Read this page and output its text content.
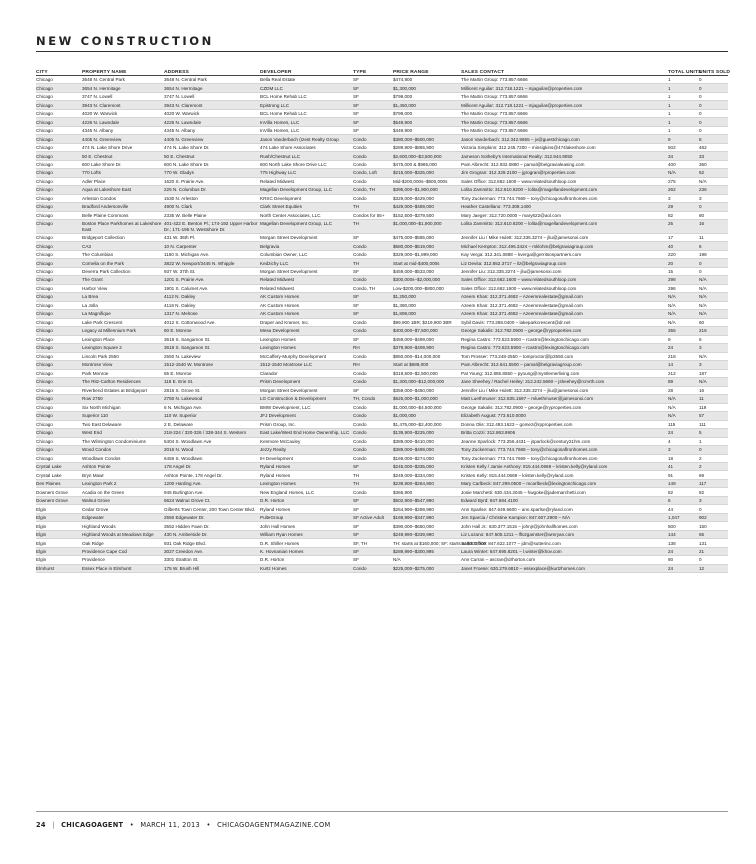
NEW CONSTRUCTION
CITY	PROPERTY NAME	ADDRESS	DEVELOPER	TYPE	PRICE RANGE	SALES CONTACT	TOTAL UNITS	UNITS SOLD
Chicago	3648 N. Central Park	3648 N. Central Park	Bella Real Estate	SF	$474,900	The Martin Group: 773.857.6666	1	0
Chicago	3654 N. Hermitage	3654 N. Hermitage	CZDM LLC	SF	$1,300,000	Millicent Aguilar: 312.718.1221 – mjaguilar@properties.com	1	0
Chicago	3747 N. Lowell	3747 N. Lowell	BCL Home Rehab LLC	SF	$799,000	The Martin Group: 773.857.6666	1	0
Chicago	3943 N. Claremont	3943 N. Claremont	Epistrong LLC	SF	$1,450,000	Millicent Aguilar: 312.718.1221 – mjaguilar@properties.com	1	0
Chicago	4020 W. Warwick	4020 W. Warwick	BCL Home Rehab LLC	SF	$799,000	The Martin Group: 773.857.6666	1	0
Chicago	4226 N. Lawndale	4226 N. Lawndale	InVilla Homes, LLC	SF	$549,900	The Martin Group: 773.857.6666	1	0
Chicago	4345 N. Albany	4345 N. Albany	InVilla Homes, LLC	SF	$449,900	The Martin Group: 773.857.6666	1	0
Chicago	4405 N. Greenview	4405 N. Greenview	Jason Vanderbach (Izest Realty Group	Condo	$380,000–$500,000	Jason Vanderbach: 312.342.9655 – jv@guestchicago.com	9	8
Chicago	474 N. Lake Shore Drive	474 N. Lake Shore Dr.	474 Lake Shore Associates	Condo	$289,900–$865,900	Victoria Simpkins: 312.245.7200 – minsigkins@474lakeshore.com	502	482
Chicago	50 E. Chestnut	50 E. Chestnut	Rush/Chestnut LLC	Condo	$2,600,000–$3,500,000	Jameson Sotheby's International Realty: 312.944.9050	34	33
Chicago	600 Lake Shore Dr.	600 N. Lake Shore Dr.	600 North Lake Shore Drive LLC	Condo	$475,000 & $985,000	Pam Albrecht: 312.932.0880 – pamal@belgravialeasing.com	400	360
Chicago	770 Lofts	770 W. Gladys	775 Highway LLC	Condo, Loft	$215,000–$325,000	Jim Grogran: 312.329.2100 – jgrogran@rproperties.com	N/A	62
Chicago	Adler Place	1620 S. Prairie Ave.	Related Midwest	Condo	Mid-$200,000s–$600,000s	Sales Office: 312.662.1600 – www.relatedsouthloop.com	275	N/A
Chicago	Aqua at Lakeshore East	225 N. Columbus Dr.	Magellan Development Group, LLC	Condo, TH	$395,000–$1,900,000	Lolita Zammitto: 312.610.8200 – lolita@magellandevelopment.com	262	236
Chicago	Arleston Condos	1530 N. Arleston	KRSC Development	Condo	$329,000–$429,000	Tony Zuckerman: 773.744.7669 – tony@chicagosaflronhomes.com	3	3
Chicago	Bradford Andersonville	4900 N. Clark	Clark Street Equities	TH	$429,000–$489,000	Heather Castellano: 773.308.1400	29	0
Chicago	Belle Plaine Commons	2335 W. Belle Plaine	North Center Associates, LLC	Condos for 55+	$152,500–$379,500	Mary Jaeger: 312.720.0000 – mary622@aol.com	82	80
Chicago	Boston Place Parkhomes at Lakeshore East	401-422 E. Benton Pl.; 174-192 Upper Harbor Dr.; 171-195 N. Westshore Dr.	Magellan Development Group, LLC	TH	$1,000,000–$1,900,000	Lolita Zammitto: 312.610.8200 – lolita@magellandevelopment.com	25	16
Chicago	Bridgeport Collection	431 W. 36th Pl.	Morgan Street Development	SF	$475,000–$585,000	Jennifer Liu / Mike Hulett: 312.335.3274 – jliu@jamesonxi.com	17	11
Chicago	CA3	10 N. Carpenter	Belgravia	Condo	$580,000–$619,000	Michael Kempton: 312.496.3424 – mklohm@belgraviagroup.com	40	6
Chicago	The Columbian	1160 S. Michigan Ave.	Columbian Owner, LLC	Condo	$329,000–$1,899,000	Kay Verga: 312.341.0888 – kverga@gerritsonpartners.com	220	198
Chicago	Cornelia on the Park	3822 W. Newport/3445 N. Whipple	Kedzichy LLC	TH	Start at mid-$400,000s	Liz Devita: 312.852.3717 – liz@belgraviagroup.com	20	0
Chicago	Deverra Park Collection	937 W. 37th St.	Morgan Street Development	SF	$459,000–$533,000	Jennifer Liu: 312.335.3274 – jliu@jamesonxi.com	15	0
Chicago	The Grant	1201 S. Prairie Ave.	Related Midwest	Condo	$300,000s–$2,000,000	Sales Office: 312.662.1600 – www.relatedsouthloop.com	298	N/A
Chicago	Harbor View	1901 S. Calumet Ave.	Related Midwest	Condo, TH	Low-$200,000–$800,000	Sales Office: 312.662.1600 – www.relatedsouthloop.com	296	N/A
Chicago	La Brea	4112 N. Oakley	AK Custom Homes	SF	$1,250,000	Azeem Khan: 312.371.4682 – Azeemrealestate@gmail.com	N/A	N/A
Chicago	La Jolla	4118 N. Oakley	AK Custom Homes	SF	$1,380,000	Azeem Khan: 312.371.4682 – Azeemrealestate@gmail.com	N/A	N/A
Chicago	La Magnifique	1317 N. Melrose	AK Custom Homes	SF	$1,899,000	Azeem Khan: 312.371.4682 – Azeemrealestate@gmail.com	N/A	N/A
Chicago	Lake Park Crescent	4012 S. Cottonwood Ave.	Draper and Kramer, Inc.	Condo	$99,900 1BR; $219,900 3BR	Sybil Davis: 773.268.0400 – lakeparkcrescent@dr.net	N/A	60
Chicago	Legacy at Millennium Park	60 E. Monroe	Mesa Development	Condo	$400,000–$7,500,000	George Sakalis: 312.782.0900 – george@ryproperties.com	355	216
Chicago	Lexington Place	3618 S. Sangamon St.	Lexington Homes	SF	$459,000–$499,000	Regina Castro: 773.523.5900 – rcastro@lexingtonchicago.com	9	6
Chicago	Lexington Square 2	3618 S. Sangamon St.	Lexington Homes	RH	$379,900–$409,900	Regina Castro: 773.523.5900 – rcastro@lexingtonchicago.com	24	3
Chicago	Lincoln Park 2550	2550 N. Lakeview	McCaffery-Murphy Development	Condo	$850,000–$14,000,000	Tom Prosser: 773.248-2550 – tomproctor@lp2550.com	218	N/A
Chicago	Montrose View	1512-1540 W. Montrose	1512-1540 Montrose LLC	RH	Start at $689,000	Pam Albrecht: 312.641.5500 – pamal@belgraviagroup.com	14	3
Chicago	Park Monroe	65 E. Monroe	Clarador	Condo	$319,500–$2,500,000	Pat Young: 312.855.8550 – pyoung@myntlemerliving.com	212	187
Chicago	The Ritz-Carlton Residences	118 E. Erie St.	Prism Development	Condo	$1,300,000–$12,000,000	Jane Sheehey / Rachel Heiley: 312.242.5660 – jsheehey@rcmrth.com	89	N/A
Chicago	Riverbend Estates at Bridgeport	2816 S. Grove St.	Morgan Street Development	SF	$359,000–$450,000	Jennifer Liu / Mike Hulett: 312.335.3274 – jliu@jamesonxi.com	28	16
Chicago	Row 2750	2750 N. Lakewood	LG Construction & Development	TH, Condo	$625,000–$1,000,000	Matt Luethmuser: 312.835.1597 – mluethmuser@jamesonxi.com	N/A	11
Chicago	Six North Michigan	6 N. Michigan Ave.	BMW Development, LLC	Condo	$1,000,000–$4,500,000	George Sakalis: 312.782.0900 – george@ryproperties.com	N/A	119
Chicago	Superior 110	110 W. Superior	JFJ Development	Condo	$1,000,000	Elizabeth August: 773.610.0000	N/A	57
Chicago	Two East Delaware	2 E. Delaware	Prism Group, Inc.	Condo	$1,475,000–$2,400,000	Donna Olis: 312.493.1623 – gomez@rpproperties.com	115	111
Chicago	West End	218-224 / 320-326 / 338-344 S. Western	East Lake/West End Home Ownership, LLC	Condo	$139,900–$225,000	Britta Cozzi: 312.863.9906	24	5
Chicago	The Wilmington Condominiums	5404 S. Woodlawn Ave	Kenmore McCauley	Condo	$389,000–$410,000	Jeanne Sparlock: 773.256.4431 – jsparlock@century21hm.com	4	1
Chicago	Wood Condos	2016 N. Wood	Jezzy Realty	Condo	$389,000–$499,000	Tony Zuckerman: 773.744.7669 – tony@chicagosaflronhomes.com	3	0
Chicago	Woodlawn Condos	6456 S. Woodlawn	IH Development	Condo	$169,000–$274,000	Tony Zuckerman: 773.744.7669 – tony@chicagosaflronhomes.com	18	2
Crystal Lake	Ashton Pointe	178 Angel Dr.	Ryland Homes	SF	$245,000–$335,000	Kristen Kelly / Jamie Anthony: 815.444.0669 – kristen.kelly@ryland.com	41	2
Crystal Lake	Bryn Mawr	Ashton Pointe, 178 Angel Dr.	Ryland Homes	TH	$249,000–$334,000	Kristen Kelly: 815.444.0669 – kristen.kelly@ryland.com	91	69
Des Plaines	Lexington Park 2	1200 Harding Ave.	Lexington Homes	TH	$239,900–$264,900	Mary Carlbeck: 847.299.0500 – mcarlbeck@lexingtonchicago.com	149	117
Downers Grove	Acadia on the Green	945 Burlington Ave.	New England Homes, LLC	Condo	$365,900	Josie Marchetti: 630.434.2045 – hwgoke@jademarchetti.com	82	82
Downers Grove	Walnut Grove	6624 Walnut Grove Ct.	D.R. Horton	SF	$502,900–$547,990	Edward Byrd: 847.684.4100	6	3
Elgin	Cedar Grove	Gilberts Town Center, 200 Town Center Blvd.	Ryland Homes	SF	$254,990–$299,990	Ann Sparlse: 847.649.6600 – ann.sparlse@ryland.com	44	0
Elgin	Edgewater	2550 Edgewater Dr.	PulteGroup	SF Active Adult	$169,990–$347,990	Jen Sparcia / Christine Kampion: 847.607.2900 – N/A	1,047	902
Elgin	Highland Woods	3552 Hidden Fawn Dr.	John Hall Homes	SF	$390,000–$650,000	John Hall Jr.: 630.377.1515 – johnjr@johnhallhomes.com	500	150
Elgin	Highland Woods at Meadows Edge	430 N. Amberside Dr.	William Ryan Homes	SF	$249,990–$339,990	Liz Lozano: 847.505.1211 – lflozgamster@wmryan.com	144	65
Elgin	Oak Ridge	931 Oak Ridge Blvd.	D.R. Shiller Homes	SF, TH	TH: starts at $160,000; SF: starts at $300,000	Sales Office: 847.622.1077 – jdm@sutterinc.com	138	131
Elgin	Providence Cape Cod	3027 Creedon Ave.	K. Hovnanian Homes	SF	$289,990–$300,995	Laura Winter: 847.695.8201 – l.winter@khov.com	24	21
Elgin	Providence	3301 Stratton St.	D.R. Horton	SF	N/A	Ann Curran – ascran@drhorton.com	80	0
Elmhurst	Essex Place in Elmhurst	175 W. Brush Hill	Kurtz Homes	Condo	$225,000–$275,000	Janet Froese: 630.279.6810 – essexplace@kurtzhomes.com	24	12
24 | CHICAGOAGENT • MARCH 11, 2013 • CHICAGOAGENTMAGAZINE.COM
